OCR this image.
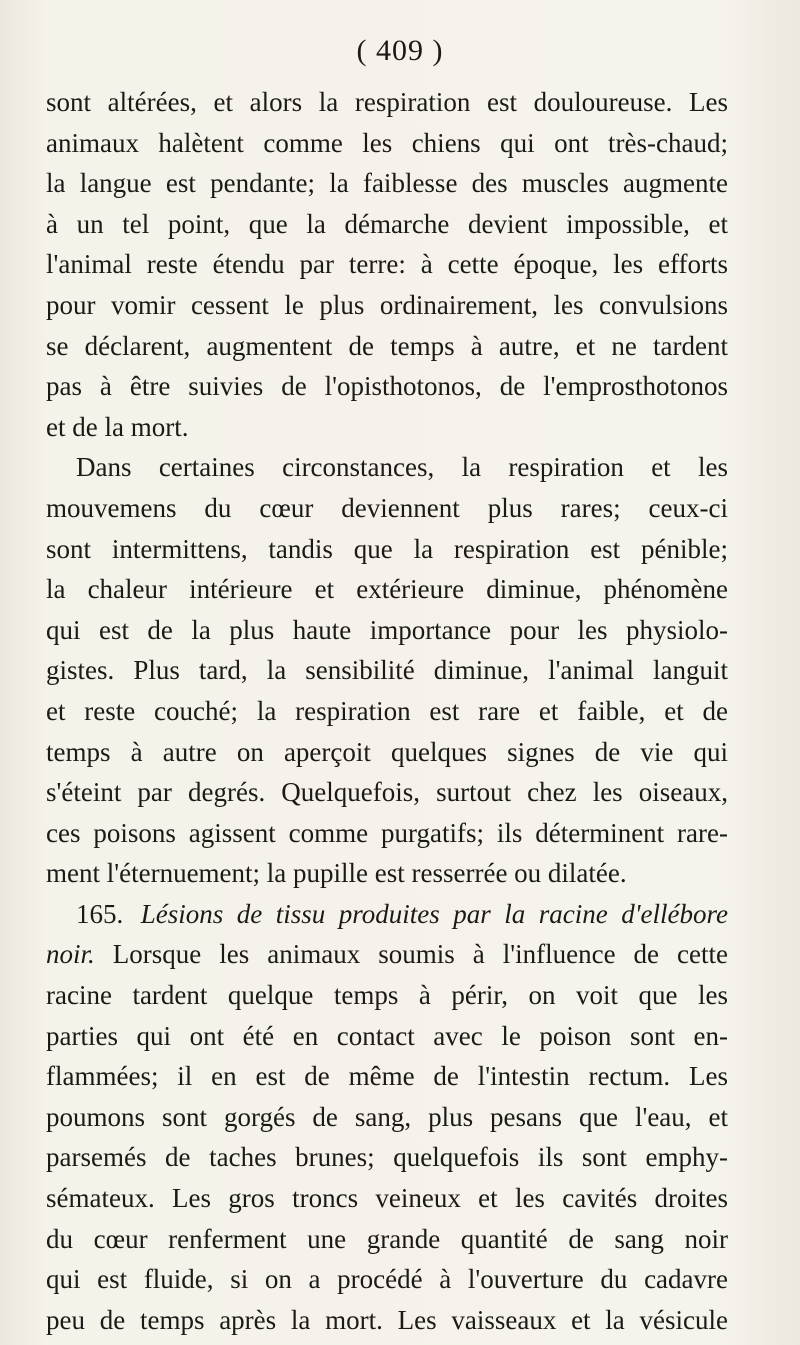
( 409 )
sont altérées, et alors la respiration est douloureuse. Les
animaux halètent comme les chiens qui ont très-chaud;
la langue est pendante; la faiblesse des muscles augmente
à un tel point, que la démarche devient impossible, et
l'animal reste étendu par terre: à cette époque, les efforts
pour vomir cessent le plus ordinairement, les convulsions
se déclarent, augmentent de temps à autre, et ne tardent
pas à être suivies de l'opisthotonos, de l'emprosthotonos
et de la mort.
Dans certaines circonstances, la respiration et les
mouvemens du cœur deviennent plus rares; ceux-ci
sont intermittens, tandis que la respiration est pénible;
la chaleur intérieure et extérieure diminue, phénomène
qui est de la plus haute importance pour les physiolo-
gistes. Plus tard, la sensibilité diminue, l'animal languit
et reste couché; la respiration est rare et faible, et de
temps à autre on aperçoit quelques signes de vie qui
s'éteint par degrés. Quelquefois, surtout chez les oiseaux,
ces poisons agissent comme purgatifs; ils déterminent rare-
ment l'éternuement; la pupille est resserrée ou dilatée.
165. Lésions de tissu produites par la racine d'ellébore
noir. Lorsque les animaux soumis à l'influence de cette
racine tardent quelque temps à périr, on voit que les
parties qui ont été en contact avec le poison sont en-
flammées; il en est de même de l'intestin rectum. Les
poumons sont gorgés de sang, plus pesans que l'eau, et
parsemés de taches brunes; quelquefois ils sont emphy-
sémateux. Les gros troncs veineux et les cavités droites
du cœur renferment une grande quantité de sang noir
qui est fluide, si on a procédé à l'ouverture du cadavre
peu de temps après la mort. Les vaisseaux et la vésicule
